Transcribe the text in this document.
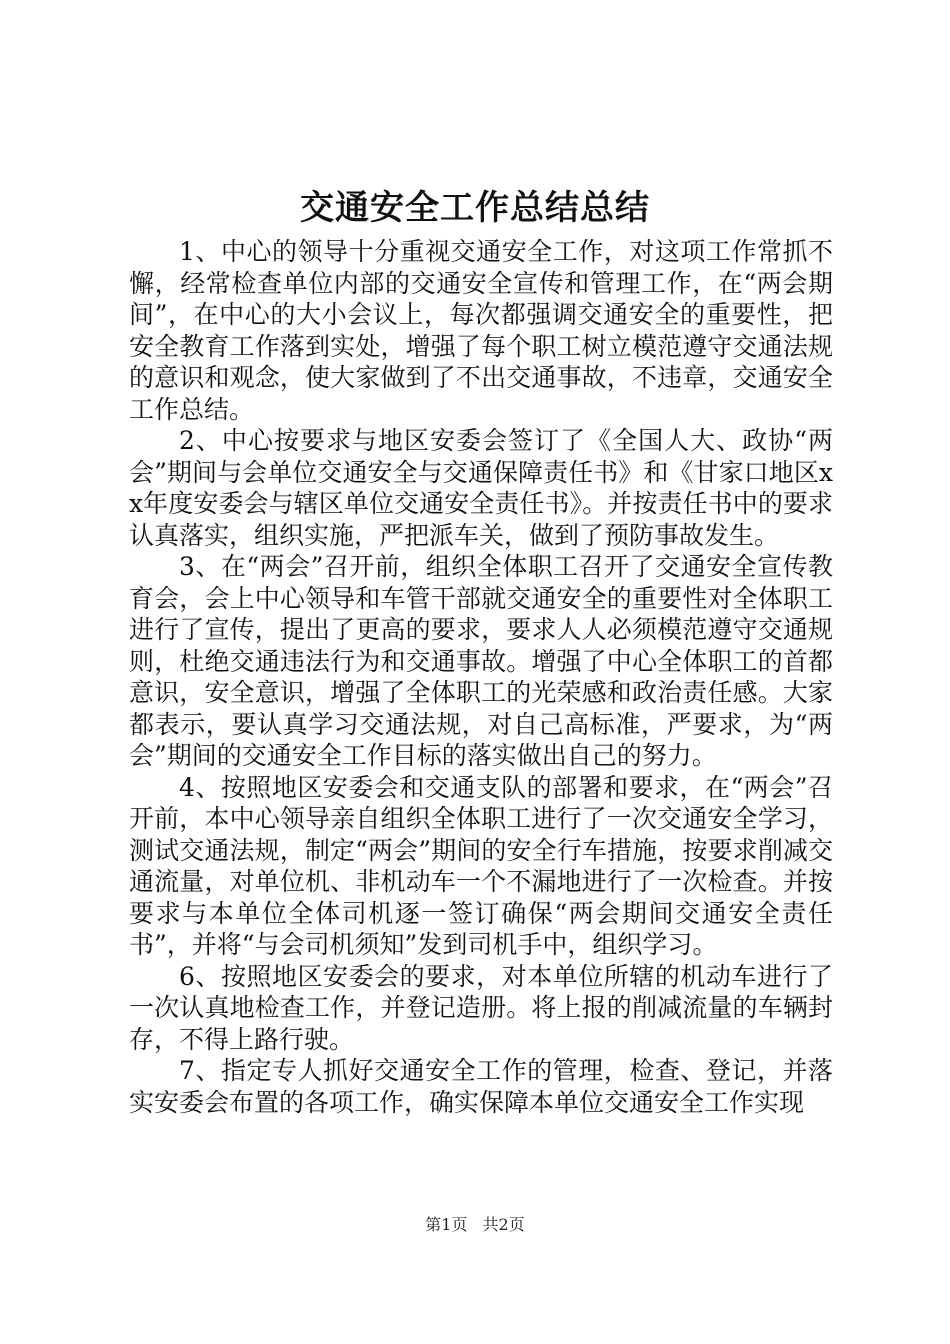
交通安全工作总结总结

1、中心的领导十分重视交通安全工作，对这项工作常抓不懈，经常检查单位内部的交通安全宣传和管理工作，在“两会期间”，在中心的大小会议上，每次都强调交通安全的重要性，把安全教育工作落到实处，增强了每个职工树立模范遵守交通法规的意识和观念，使大家做到了不出交通事故，不违章，交通安全工作总结。

2、中心按要求与地区安委会签订了《全国人大、政协“两会”期间与会单位交通安全与交通保障责任书》和《甘家口地区xx年度安委会与辖区单位交通安全责任书》。并按责任书中的要求认真落实，组织实施，严把派车关，做到了预防事故发生。

3、在“两会”召开前，组织全体职工召开了交通安全宣传教育会，会上中心领导和车管干部就交通安全的重要性对全体职工进行了宣传，提出了更高的要求，要求人人必须模范遵守交通规则，杜绝交通违法行为和交通事故。增强了中心全体职工的首都意识，安全意识，增强了全体职工的光荣感和政治责任感。大家都表示，要认真学习交通法规，对自己高标准，严要求，为“两会”期间的交通安全工作目标的落实做出自己的努力。

4、按照地区安委会和交通支队的部署和要求，在“两会”召开前，本中心领导亲自组织全体职工进行了一次交通安全学习，测试交通法规，制定“两会”期间的安全行车措施，按要求削减交通流量，对单位机、非机动车一个不漏地进行了一次检查。并按要求与本单位全体司机逐一签订确保“两会期间交通安全责任书”，并将“与会司机须知”发到司机手中，组织学习。

6、按照地区安委会的要求，对本单位所辖的机动车进行了一次认真地检查工作，并登记造册。将上报的削减流量的车辆封存，不得上路行驶。

7、指定专人抓好交通安全工作的管理，检查、登记，并落实安委会布置的各项工作，确实保障本单位交通安全工作实现

第1页 共2页
